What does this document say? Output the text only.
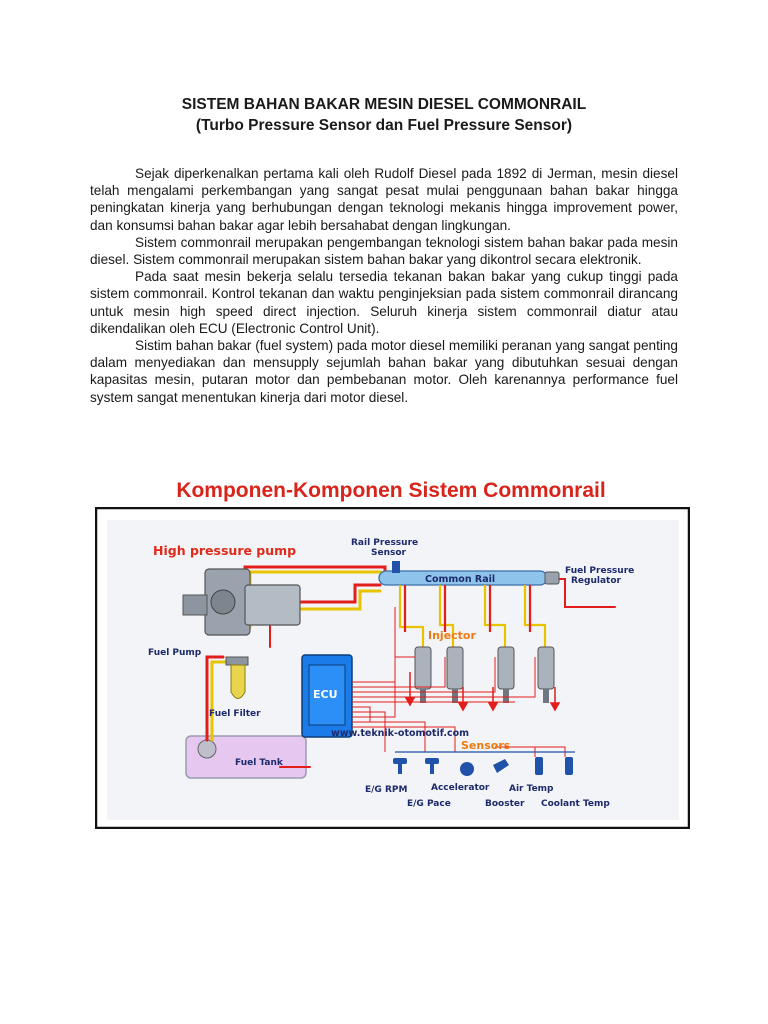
SISTEM BAHAN BAKAR MESIN DIESEL COMMONRAIL
(Turbo Pressure Sensor dan Fuel Pressure Sensor)

Sejak diperkenalkan pertama kali oleh Rudolf Diesel pada 1892 di Jerman, mesin diesel telah mengalami perkembangan yang sangat pesat mulai penggunaan bahan bakar hingga peningkatan kinerja yang berhubungan dengan teknologi mekanis hingga improvement power, dan konsumsi bahan bakar agar lebih bersahabat dengan lingkungan.

Sistem commonrail merupakan pengembangan teknologi sistem bahan bakar pada mesin diesel. Sistem commonrail merupakan sistem bahan bakar yang dikontrol secara elektronik.

Pada saat mesin bekerja selalu tersedia tekanan bakan bakar yang cukup tinggi pada sistem commonrail. Kontrol tekanan dan waktu penginjeksian pada sistem commonrail dirancang untuk mesin high speed direct injection. Seluruh kinerja sistem commonrail diatur atau dikendalikan oleh ECU (Electronic Control Unit).

Sistim bahan bakar (fuel system) pada motor diesel memiliki peranan yang sangat penting dalam menyediakan dan mensupply sejumlah bahan bakar yang dibutuhkan sesuai dengan kapasitas mesin, putaran motor dan pembebanan motor. Oleh karenannya performance fuel system sangat menentukan kinerja dari motor diesel.

Komponen-Komponen Sistem Commonrail
High pressure pump	Rail Pressure
Sensor
Common Rail
Fuel Pressure
Regulator
Injector
Fuel Pump
Fuel Filter
Fuel Tank
ECU
www.teknik-otomotif.com
Sensors
E/G RPM
E/G Pace
Accelerator Air Temp
Booster Coolant Temp
